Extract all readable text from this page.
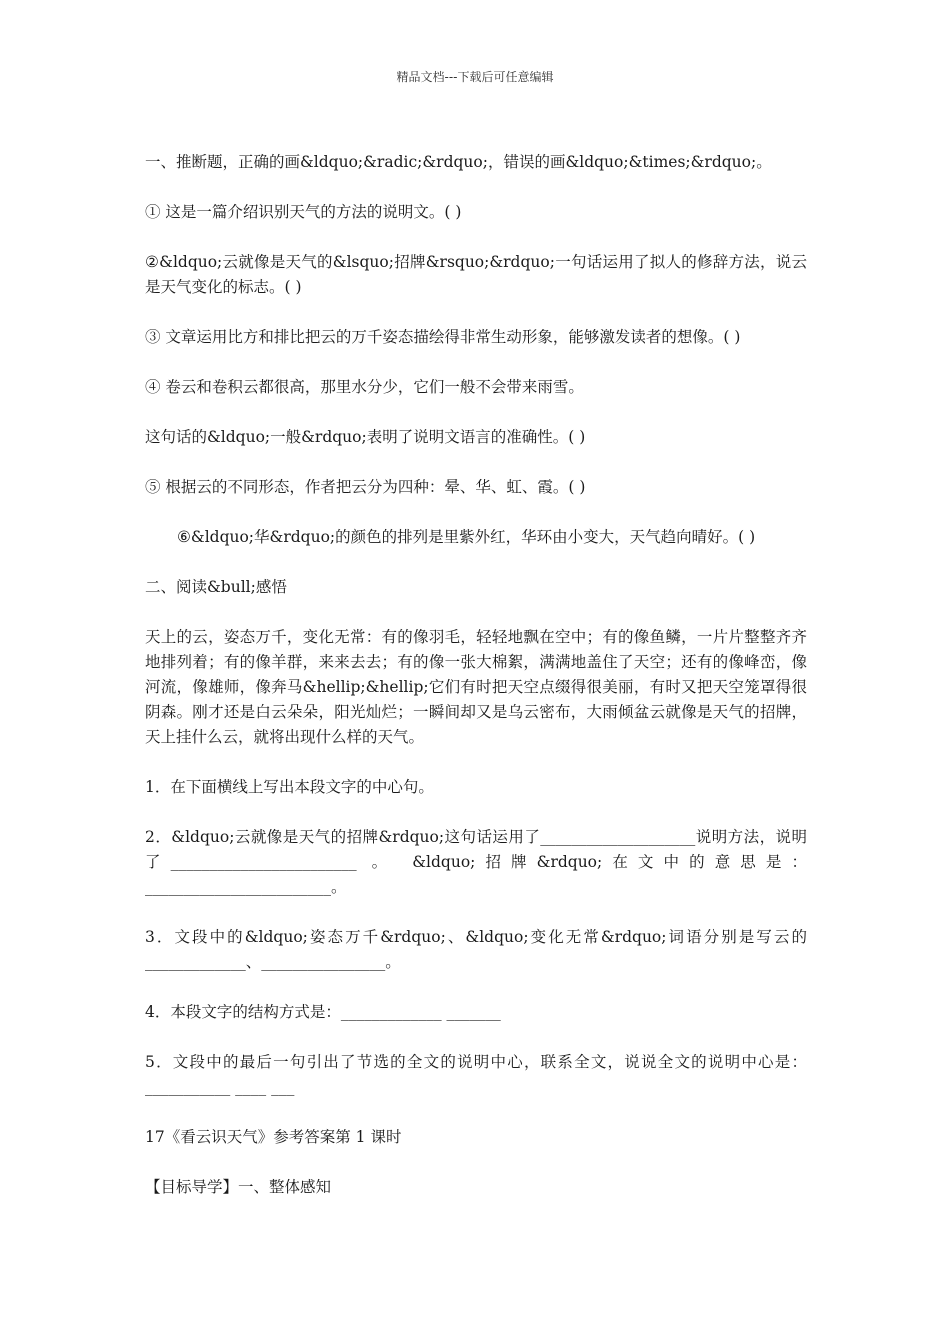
精品文档---下载后可任意编辑

一、推断题，正确的画&ldquo;&radic;&rdquo;，错误的画&ldquo;&times;&rdquo;。

① 这是一篇介绍识别天气的方法的说明文。( )

②&ldquo;云就像是天气的&lsquo;招牌&rsquo;&rdquo;一句话运用了拟人的修辞方法，说云是天气变化的标志。( )

③ 文章运用比方和排比把云的万千姿态描绘得非常生动形象，能够激发读者的想像。( )

④ 卷云和卷积云都很高，那里水分少，它们一般不会带来雨雪。

这句话的&ldquo;一般&rdquo;表明了说明文语言的准确性。( )

⑤ 根据云的不同形态，作者把云分为四种：晕、华、虹、霞。( )

⑥&ldquo;华&rdquo;的颜色的排列是里紫外红，华环由小变大，天气趋向晴好。( )

二、阅读&bull;感悟

天上的云，姿态万千，变化无常：有的像羽毛，轻轻地飘在空中；有的像鱼鳞，一片片整整齐齐地排列着；有的像羊群，来来去去；有的像一张大棉絮，满满地盖住了天空；还有的像峰峦，像河流，像雄师，像奔马&hellip;&hellip;它们有时把天空点缀得很美丽，有时又把天空笼罩得很阴森。刚才还是白云朵朵，阳光灿烂；一瞬间却又是乌云密布，大雨倾盆云就像是天气的招牌，天上挂什么云，就将出现什么样的天气。

1．在下面横线上写出本段文字的中心句。

2．&ldquo;云就像是天气的招牌&rdquo;这句话运用了____________________说明方法，说明了________________________ 。 &ldquo;招牌&rdquo;在文中的意思是：________________________。

3．文段中的&ldquo;姿态万千&rdquo;、&ldquo;变化无常&rdquo;词语分别是写云的_____________、________________。

4．本段文字的结构方式是：_____________ _______

5．文段中的最后一句引出了节选的全文的说明中心，联系全文，说说全文的说明中心是：___________ ____ ___

17《看云识天气》参考答案第 1 课时

【目标导学】一、整体感知
